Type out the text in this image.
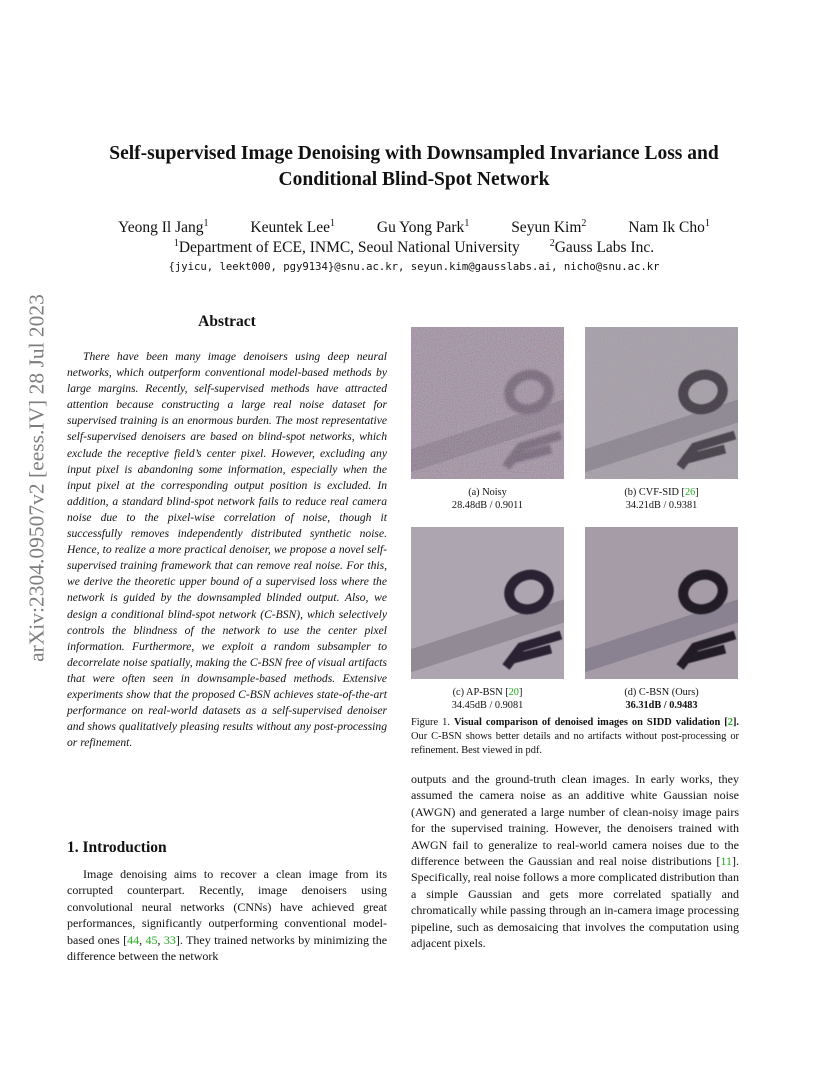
Self-supervised Image Denoising with Downsampled Invariance Loss and
Conditional Blind-Spot Network
Yeong Il Jang$^1$	Keuntek Lee$^1$	Gu Yong Park$^1$	Seyun Kim$^2$	Nam Ik Cho$^1$
$^1$Department of ECE, INMC, Seoul National University	$^2$Gauss Labs Inc.
{jyicu, leekt000, pgy9134}@snu.ac.kr, seyun.kim@gausslabs.ai, nicho@snu.ac.kr
arXiv:2304.09507v2 [eess.IV] 28 Jul 2023	Abstract

There have been many image denoisers using deep neural networks, which outperform conventional model-based methods by large margins. Recently, self-supervised methods have attracted attention because constructing a large real noise dataset for supervised training is an enormous burden. The most representative self-supervised denoisers are based on blind-spot networks, which exclude the receptive field’s center pixel. However, excluding any input pixel is abandoning some information, especially when the input pixel at the corresponding output position is excluded. In addition, a standard blind-spot network fails to reduce real camera noise due to the pixel-wise correlation of noise, though it successfully removes independently distributed synthetic noise. Hence, to realize a more practical denoiser, we propose a novel self-supervised training framework that can remove real noise. For this, we derive the theoretic upper bound of a supervised loss where the network is guided by the downsampled blinded output. Also, we design a conditional blind-spot network (C-BSN), which selectively controls the blindness of the network to use the center pixel information. Furthermore, we exploit a random subsampler to decorrelate noise spatially, making the C-BSN free of visual artifacts that were often seen in downsample-based methods. Extensive experiments show that the proposed C-BSN achieves state-of-the-art performance on real-world datasets as a self-supervised denoiser and shows qualitatively pleasing results without any post-processing or refinement.

1. Introduction

Image denoising aims to recover a clean image from its corrupted counterpart. Recently, image denoisers using convolutional neural networks (CNNs) have achieved great performances, significantly outperforming conventional model-based ones [44, 45, 33]. They trained networks by minimizing the difference between the network

(a) Noisy
28.48dB / 0.9011
(b) CVF-SID [26]
34.21dB / 0.9381
(c) AP-BSN [20]
34.45dB / 0.9081
(d) C-BSN (Ours)
36.31dB / 0.9483

Figure 1. Visual comparison of denoised images on SIDD validation [2]. Our C-BSN shows better details and no artifacts without post-processing or refinement. Best viewed in pdf.

outputs and the ground-truth clean images. In early works, they assumed the camera noise as an additive white Gaussian noise (AWGN) and generated a large number of clean-noisy image pairs for the supervised training. However, the denoisers trained with AWGN fail to generalize to real-world camera noises due to the difference between the Gaussian and real noise distributions [11]. Specifically, real noise follows a more complicated distribution than a simple Gaussian and gets more correlated spatially and chromatically while passing through an in-camera image processing pipeline, such as demosaicing that involves the computation using adjacent pixels.
